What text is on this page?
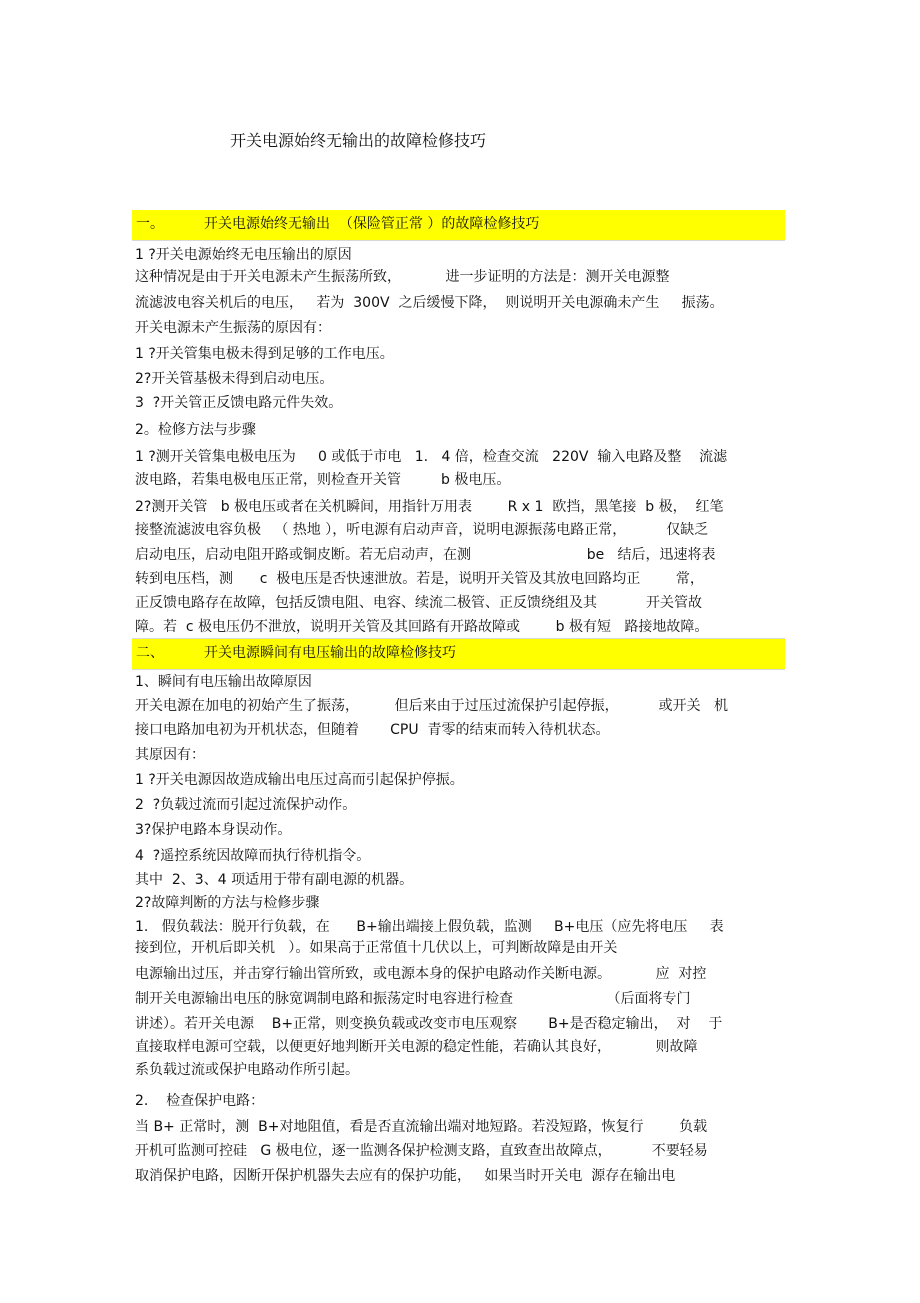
开关电源始终无输出的故障检修技巧
一。	开关电源始终无输出  （保险管正常 ）的故障检修技巧
1 ?开关电源始终无电压输出的原因
这种情况是由于开关电源未产生振荡所致，          进一步证明的方法是：测开关电源整
流滤波电容关机后的电压，   若为  300V  之后缓慢下降，  则说明开关电源确未产生     振荡。
开关电源未产生振荡的原因有：
1 ?开关管集电极未得到足够的工作电压。
2?开关管基极未得到启动电压。
3  ?开关管正反馈电路元件失效。
2。检修方法与步骤
1 ?测开关管集电极电压为     0 或低于市电   1.   4 倍，检查交流   220V  输入电路及整    流滤
波电路，若集电极电压正常，则检查开关管         b 极电压。
2?测开关管   b 极电压或者在关机瞬间，用指针万用表        R x 1  欧挡，黑笔接  b 极，  红笔
接整流滤波电容负极   （ 热地 ），听电源有启动声音，说明电源振荡电路正常，         仅缺乏
启动电压，启动电阻开路或铜皮断。若无启动声，在测                          be   结后，迅速将表
转到电压档，测      c  极电压是否快速泄放。若是，说明开关管及其放电回路均正        常，
正反馈电路存在故障，包括反馈电阻、电容、续流二极管、正反馈绕组及其           开关管故
障。若  c 极电压仍不泄放，说明开关管及其回路有开路故障或        b 极有短   路接地故障。
二、	开关电源瞬间有电压输出的故障检修技巧
1、瞬间有电压输出故障原因
开关电源在加电的初始产生了振荡，        但后来由于过压过流保护引起停振，         或开关   机
接口电路加电初为开机状态，但随着       CPU  青零的结束而转入待机状态。
其原因有：
1 ?开关电源因故造成输出电压过高而引起保护停振。
2  ?负载过流而引起过流保护动作。
3?保护电路本身误动作。
4  ?遥控系统因故障而执行待机指令。
其中  2、3、4 项适用于带有副电源的机器。
2?故障判断的方法与检修步骤
1.   假负载法：脱开行负载，在      B+输出端接上假负载，监测     B+电压（应先将电压     表
接到位，开机后即关机   ）。如果高于正常值十几伏以上，可判断故障是由开关
电源输出过压，并击穿行输出管所致，或电源本身的保护电路动作关断电源。          应  对控
制开关电源输出电压的脉宽调制电路和振荡定时电容进行检查                     （后面将专门
讲述）。若开关电源    B+正常，则变换负载或改变市电压观察       B+是否稳定输出，  对    于
直接取样电源可空载，以便更好地判断开关电源的稳定性能，若确认其良好，          则故障
系负载过流或保护电路动作所引起。
2.    检查保护电路：
当 B+ 正常时，测  B+对地阻值，看是否直流输出端对地短路。若没短路，恢复行        负载
开机可监测可控硅   G 极电位，逐一监测各保护检测支路，直致查出故障点，         不要轻易
取消保护电路，因断开保护机器失去应有的保护功能，   如果当时开关电  源存在输出电
